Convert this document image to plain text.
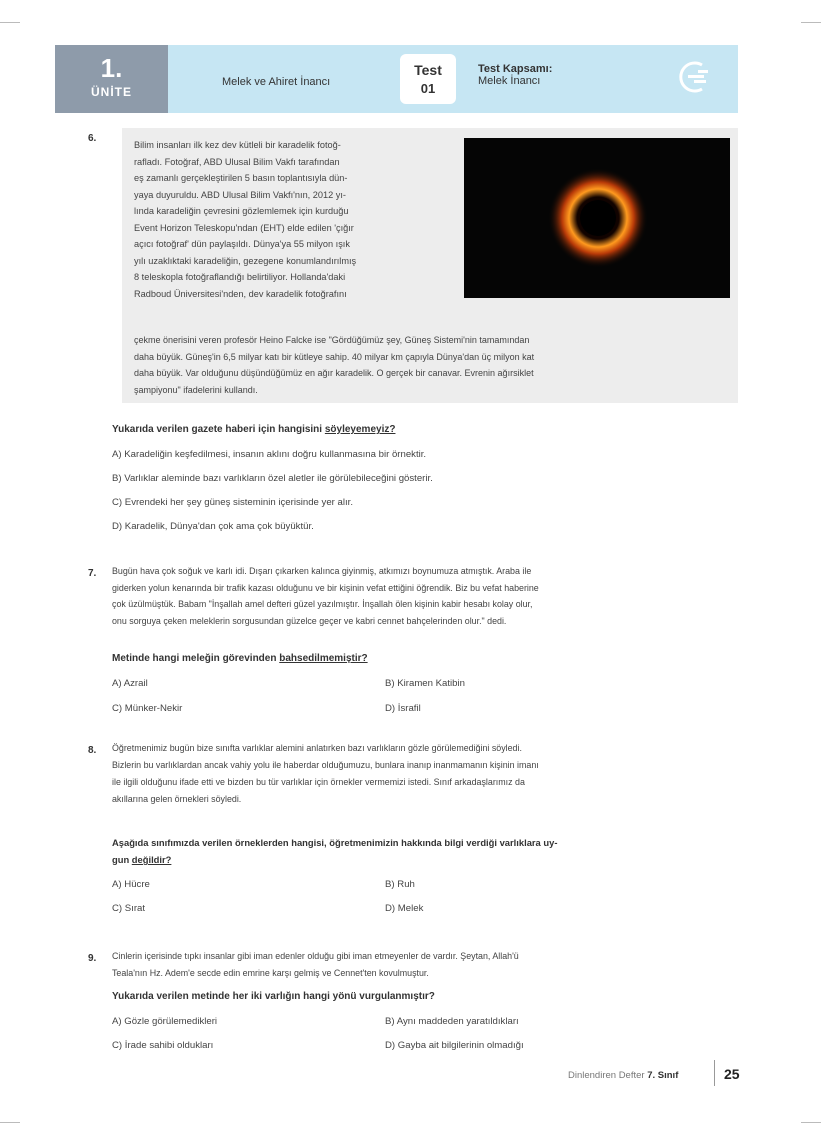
1.
ÜNİTE
Melek ve Ahiret İnancı
Test
01
Test Kapsamı:
Melek İnancı
6.
Bilim insanları ilk kez dev kütleli bir karadelik fotoğ-
rafladı. Fotoğraf, ABD Ulusal Bilim Vakfı tarafından
eş zamanlı gerçekleştirilen 5 basın toplantısıyla dün-
yaya duyuruldu. ABD Ulusal Bilim Vakfı'nın, 2012 yı-
lında karadeliğin çevresini gözlemlemek için kurduğu
Event Horizon Teleskopu'ndan (EHT) elde edilen 'çığır
açıcı fotoğraf' dün paylaşıldı. Dünya'ya 55 milyon ışık
yılı uzaklıktaki karadeliğin, gezegene konumlandırılmış
8 teleskopla fotoğraflandığı belirtiliyor. Hollanda'daki
Radboud Üniversitesi'nden, dev karadelik fotoğrafını
çekme önerisini veren profesör Heino Falcke ise "Gördüğümüz şey, Güneş Sistemi'nin tamamından
daha büyük. Güneş'in 6,5 milyar katı bir kütleye sahip. 40 milyar km çapıyla Dünya'dan üç milyon kat
daha büyük. Var olduğunu düşündüğümüz en ağır karadelik. O gerçek bir canavar. Evrenin ağırsiklet
şampiyonu" ifadelerini kullandı.
Yukarıda verilen gazete haberi için hangisini söyleyemeyiz?
A) Karadeliğin keşfedilmesi, insanın aklını doğru kullanmasına bir örnektir.
B) Varlıklar aleminde bazı varlıkların özel aletler ile görülebileceğini gösterir.
C) Evrendeki her şey güneş sisteminin içerisinde yer alır.
D) Karadelik, Dünya'dan çok ama çok büyüktür.
7. Bugün hava çok soğuk ve karlı idi. Dışarı çıkarken kalınca giyinmiş, atkımızı boynumuza atmıştık. Araba ile
giderken yolun kenarında bir trafik kazası olduğunu ve bir kişinin vefat ettiğini öğrendik. Biz bu vefat haberine
çok üzülmüştük. Babam "İnşallah amel defteri güzel yazılmıştır. İnşallah ölen kişinin kabir hesabı kolay olur,
onu sorguya çeken meleklerin sorgusundan güzelce geçer ve kabri cennet bahçelerinden olur." dedi.
Metinde hangi meleğin görevinden bahsedilmemiştir?
A) Azrail	B) Kiramen Katibin
C) Münker-Nekir	D) İsrafil
8. Öğretmenimiz bugün bize sınıfta varlıklar alemini anlatırken bazı varlıkların gözle görülemediğini söyledi.
Bizlerin bu varlıklardan ancak vahiy yolu ile haberdar olduğumuzu, bunlara inanıp inanmamanın kişinin imanı
ile ilgili olduğunu ifade etti ve bizden bu tür varlıklar için örnekler vermemizi istedi. Sınıf arkadaşlarımız da
akıllarına gelen örnekleri söyledi.
Aşağıda sınıfımızda verilen örneklerden hangisi, öğretmenimizin hakkında bilgi verdiği varlıklara uy-
gun değildir?
A) Hücre	B) Ruh
C) Sırat	D) Melek
9. Cinlerin içerisinde tıpkı insanlar gibi iman edenler olduğu gibi iman etmeyenler de vardır. Şeytan, Allah'ü
Teala'nın Hz. Adem'e secde edin emrine karşı gelmiş ve Cennet'ten kovulmuştur.
Yukarıda verilen metinde her iki varlığın hangi yönü vurgulanmıştır?
A) Gözle görülemedikleri	B) Aynı maddeden yaratıldıkları
C) İrade sahibi oldukları	D) Gayba ait bilgilerinin olmadığı
Dinlendiren Defter 7. Sınıf	25
